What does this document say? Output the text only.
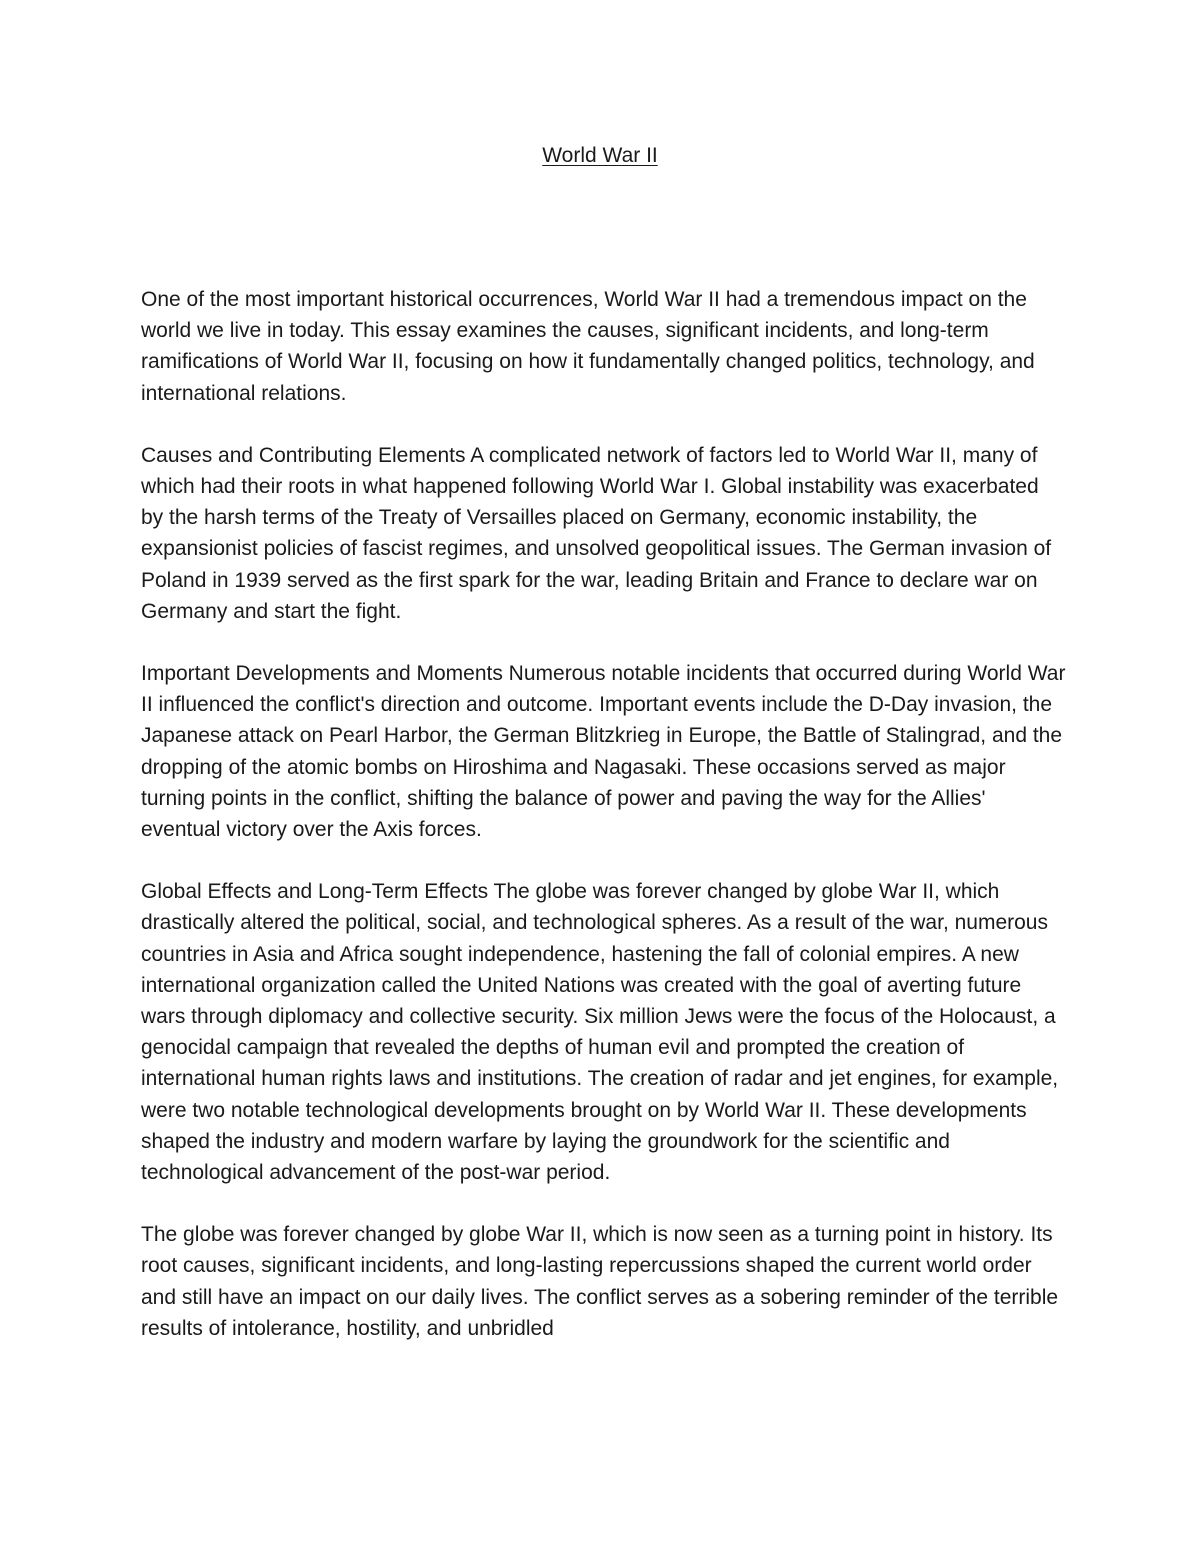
World War II

One of the most important historical occurrences, World War II had a tremendous impact on the world we live in today. This essay examines the causes, significant incidents, and long-term ramifications of World War II, focusing on how it fundamentally changed politics, technology, and international relations.

Causes and Contributing Elements A complicated network of factors led to World War II, many of which had their roots in what happened following World War I. Global instability was exacerbated by the harsh terms of the Treaty of Versailles placed on Germany, economic instability, the expansionist policies of fascist regimes, and unsolved geopolitical issues. The German invasion of Poland in 1939 served as the first spark for the war, leading Britain and France to declare war on Germany and start the fight.

Important Developments and Moments Numerous notable incidents that occurred during World War II influenced the conflict's direction and outcome. Important events include the D-Day invasion, the Japanese attack on Pearl Harbor, the German Blitzkrieg in Europe, the Battle of Stalingrad, and the dropping of the atomic bombs on Hiroshima and Nagasaki. These occasions served as major turning points in the conflict, shifting the balance of power and paving the way for the Allies' eventual victory over the Axis forces.

Global Effects and Long-Term Effects The globe was forever changed by globe War II, which drastically altered the political, social, and technological spheres. As a result of the war, numerous countries in Asia and Africa sought independence, hastening the fall of colonial empires. A new international organization called the United Nations was created with the goal of averting future wars through diplomacy and collective security. Six million Jews were the focus of the Holocaust, a genocidal campaign that revealed the depths of human evil and prompted the creation of international human rights laws and institutions. The creation of radar and jet engines, for example, were two notable technological developments brought on by World War II. These developments shaped the industry and modern warfare by laying the groundwork for the scientific and technological advancement of the post-war period.

The globe was forever changed by globe War II, which is now seen as a turning point in history. Its root causes, significant incidents, and long-lasting repercussions shaped the current world order and still have an impact on our daily lives. The conflict serves as a sobering reminder of the terrible results of intolerance, hostility, and unbridled
